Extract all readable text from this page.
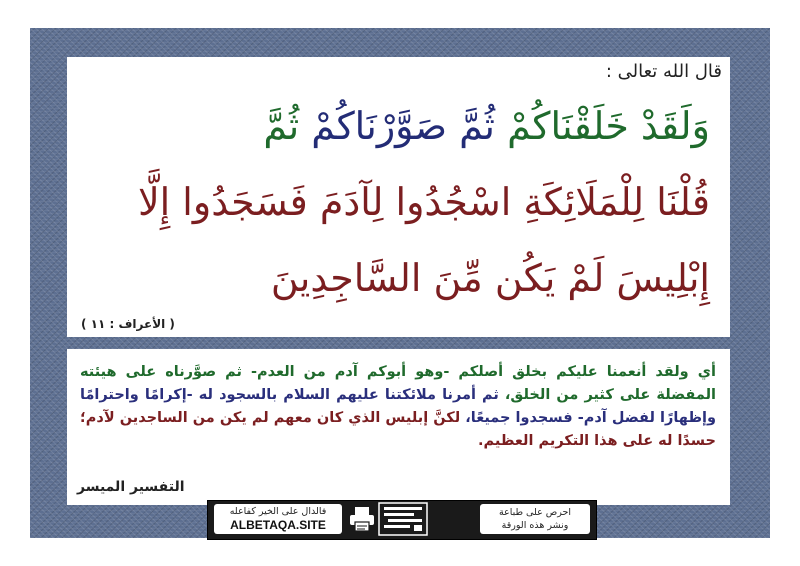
قال الله تعالى :
وَلَقَدْ خَلَقْنَاكُمْ ثُمَّ صَوَّرْنَاكُمْ ثُمَّ
قُلْنَا لِلْمَلَائِكَةِ اسْجُدُوا لِآدَمَ فَسَجَدُوا إِلَّا
إِبْلِيسَ لَمْ يَكُن مِّنَ السَّاجِدِينَ
( الأعراف : ١١ )
أي ولقد أنعمنا عليكم بخلق أصلكم -وهو أبوكم آدم من العدم- ثم صوَّرناه على هيئته المفضلة على كثير من الخلق، ثم أمرنا ملائكتنا عليهم السلام بالسجود له -إكرامًا واحترامًا وإظهارًا لفضل آدم- فسجدوا جميعًا، لكنَّ إبليس الذي كان معهم لم يكن من الساجدين لآدم؛ حسدًا له على هذا التكريم العظيم.
التفسير الميسر
احرص على طباعة
ونشر هذه الورقة
فالدال على الخير كفاعله
ALBETAQA.SITE
